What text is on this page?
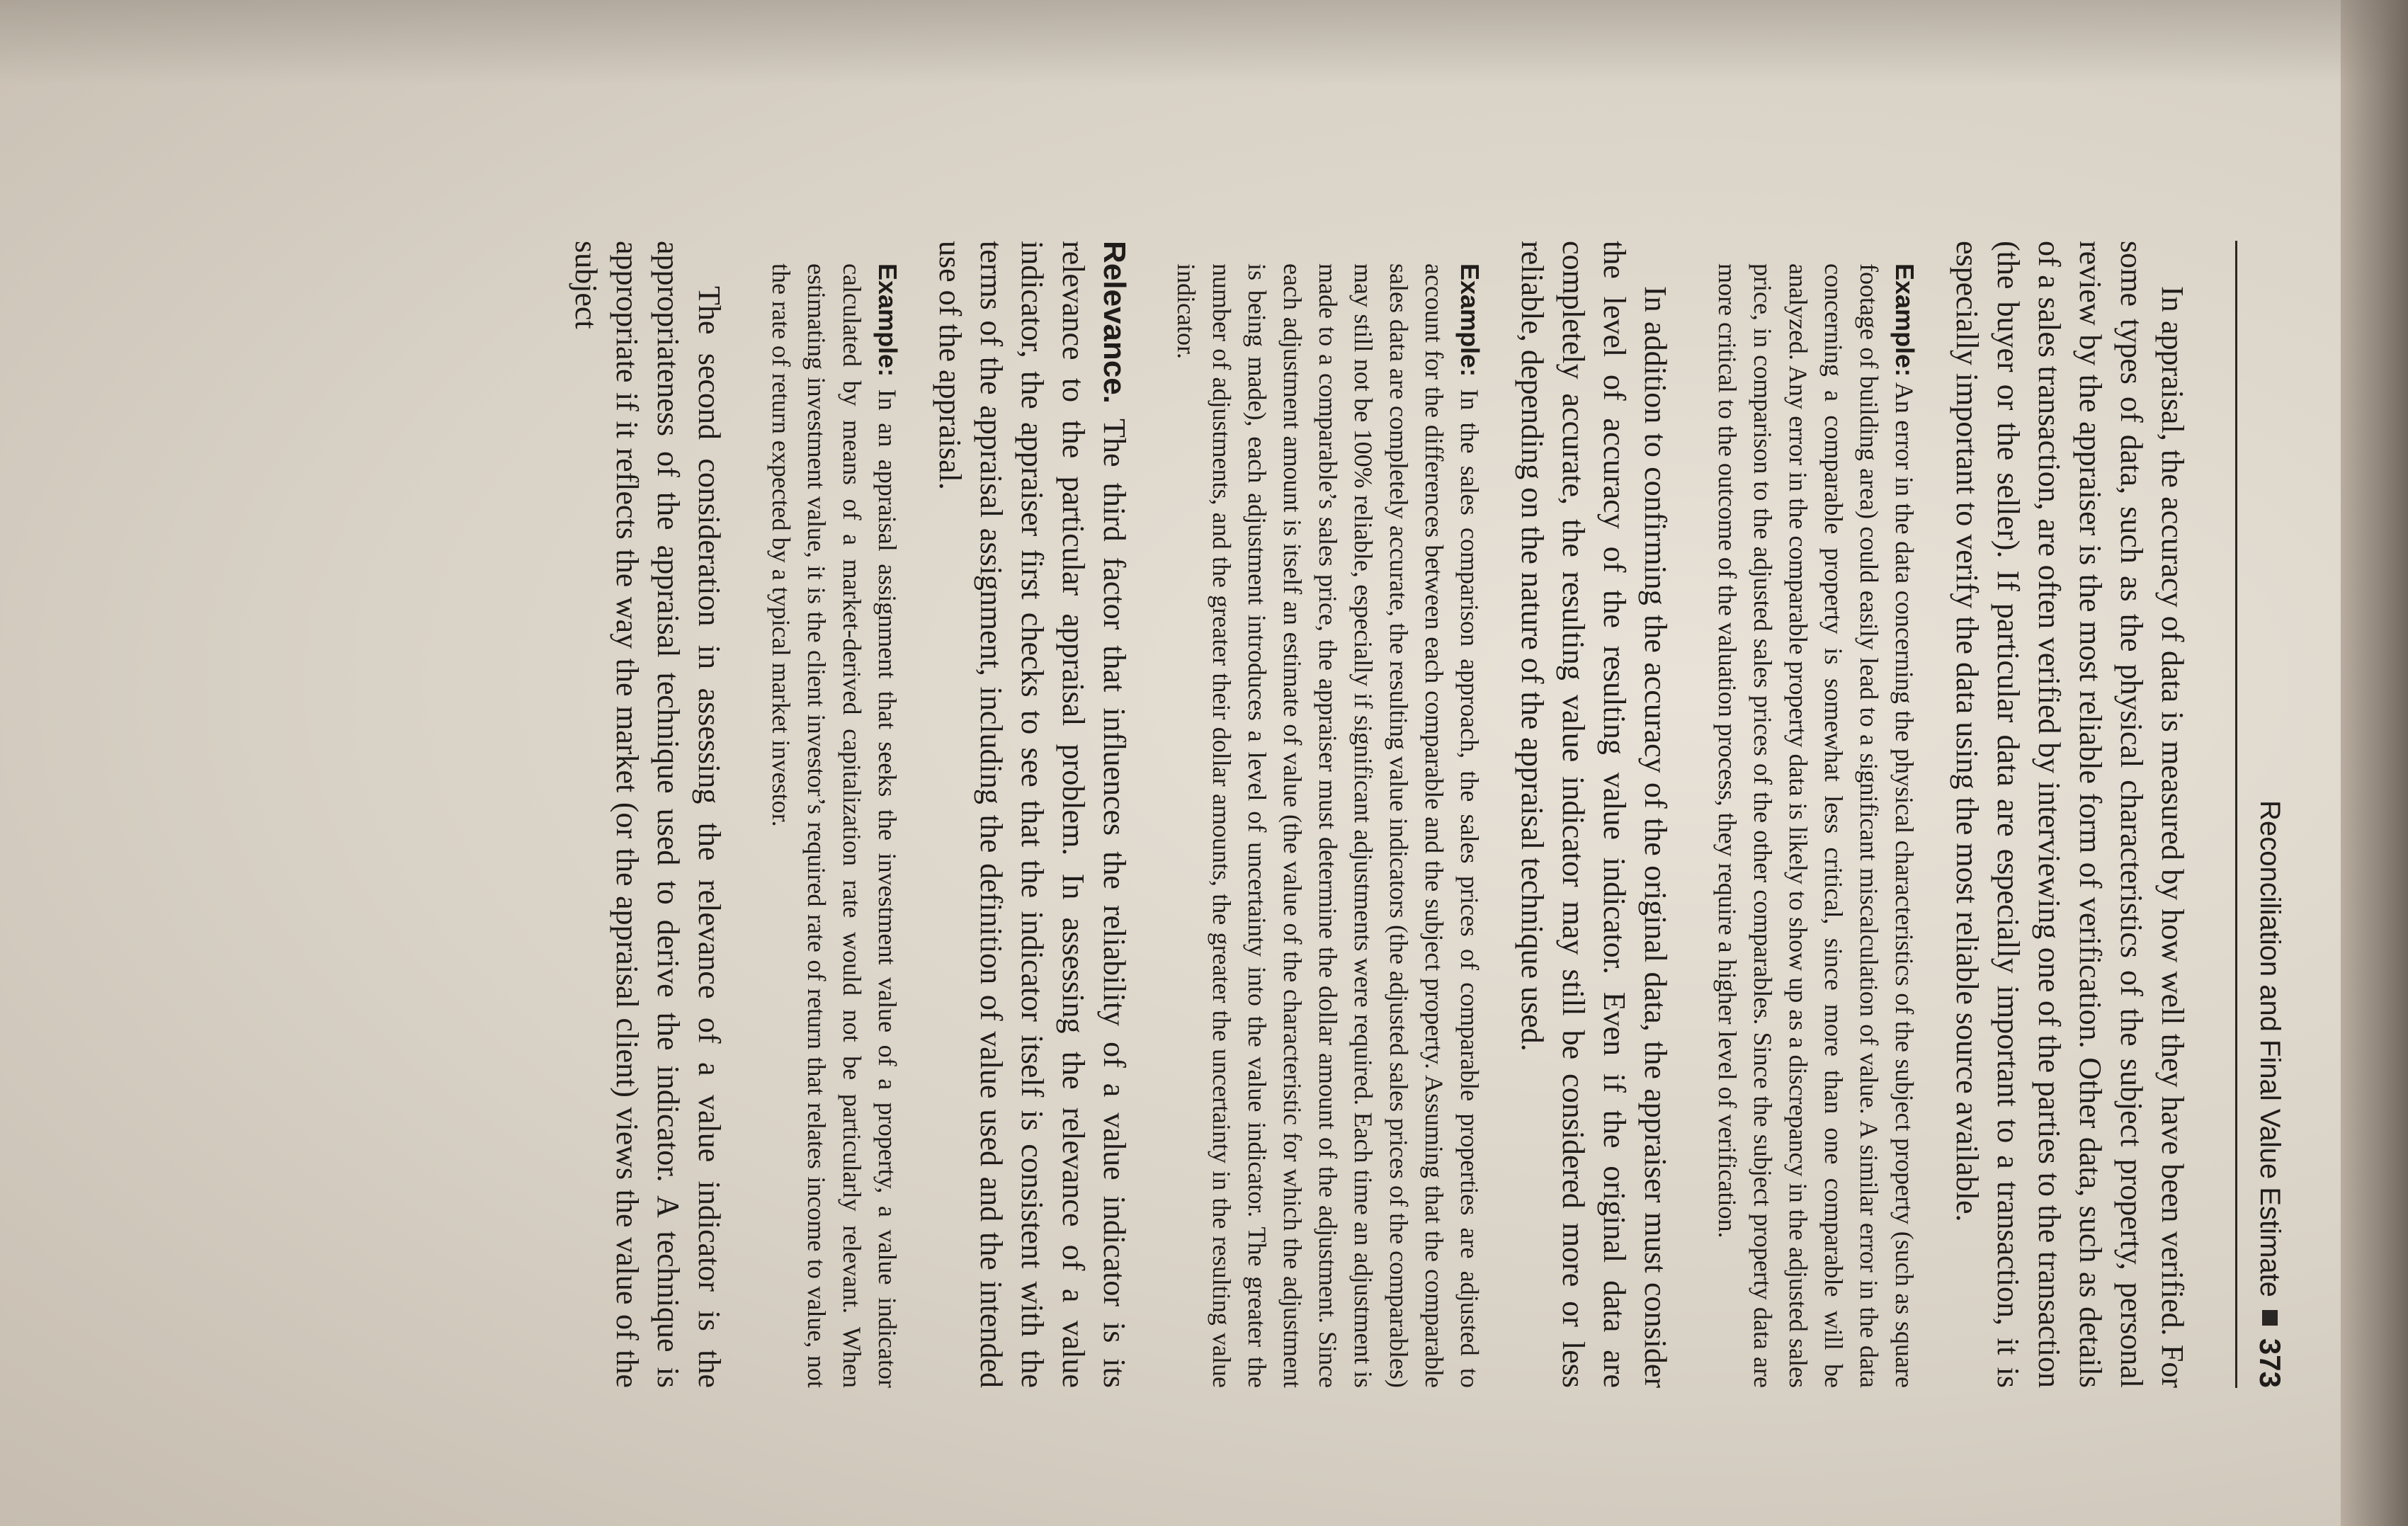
Reconciliation and Final Value Estimate
373

In appraisal, the accuracy of data is measured by how well they have been verified. For some types of data, such as the physical characteristics of the subject property, personal review by the appraiser is the most reliable form of verification. Other data, such as details of a sales transaction, are often verified by interviewing one of the parties to the transaction (the buyer or the seller). If particular data are especially important to a transaction, it is especially important to verify the data using the most reliable source available.

Example: An error in the data concerning the physical characteristics of the subject property (such as square footage of building area) could easily lead to a significant miscalculation of value. A similar error in the data concerning a comparable property is somewhat less critical, since more than one comparable will be analyzed. Any error in the comparable property data is likely to show up as a discrepancy in the adjusted sales price, in comparison to the adjusted sales prices of the other comparables. Since the subject property data are more critical to the outcome of the valuation process, they require a higher level of verification.

In addition to confirming the accuracy of the original data, the appraiser must consider the level of accuracy of the resulting value indicator. Even if the original data are completely accurate, the resulting value indicator may still be considered more or less reliable, depending on the nature of the appraisal technique used.

Example: In the sales comparison approach, the sales prices of comparable properties are adjusted to account for the differences between each comparable and the subject property. Assuming that the comparable sales data are completely accurate, the resulting value indicators (the adjusted sales prices of the comparables) may still not be 100% reliable, especially if significant adjustments were required. Each time an adjustment is made to a comparable’s sales price, the appraiser must determine the dollar amount of the adjustment. Since each adjustment amount is itself an estimate of value (the value of the characteristic for which the adjustment is being made), each adjustment introduces a level of uncertainty into the value indicator. The greater the number of adjustments, and the greater their dollar amounts, the greater the uncertainty in the resulting value indicator.

Relevance. The third factor that influences the reliability of a value indicator is its relevance to the particular appraisal problem. In assessing the relevance of a value indicator, the appraiser first checks to see that the indicator itself is consistent with the terms of the appraisal assignment, including the definition of value used and the intended use of the appraisal.

Example: In an appraisal assignment that seeks the investment value of a property, a value indicator calculated by means of a market-derived capitalization rate would not be particularly relevant. When estimating investment value, it is the client investor’s required rate of return that relates income to value, not the rate of return expected by a typical market investor.

The second consideration in assessing the relevance of a value indicator is the appropriateness of the appraisal technique used to derive the indicator. A technique is appropriate if it reflects the way the market (or the appraisal client) views the value of the subject
